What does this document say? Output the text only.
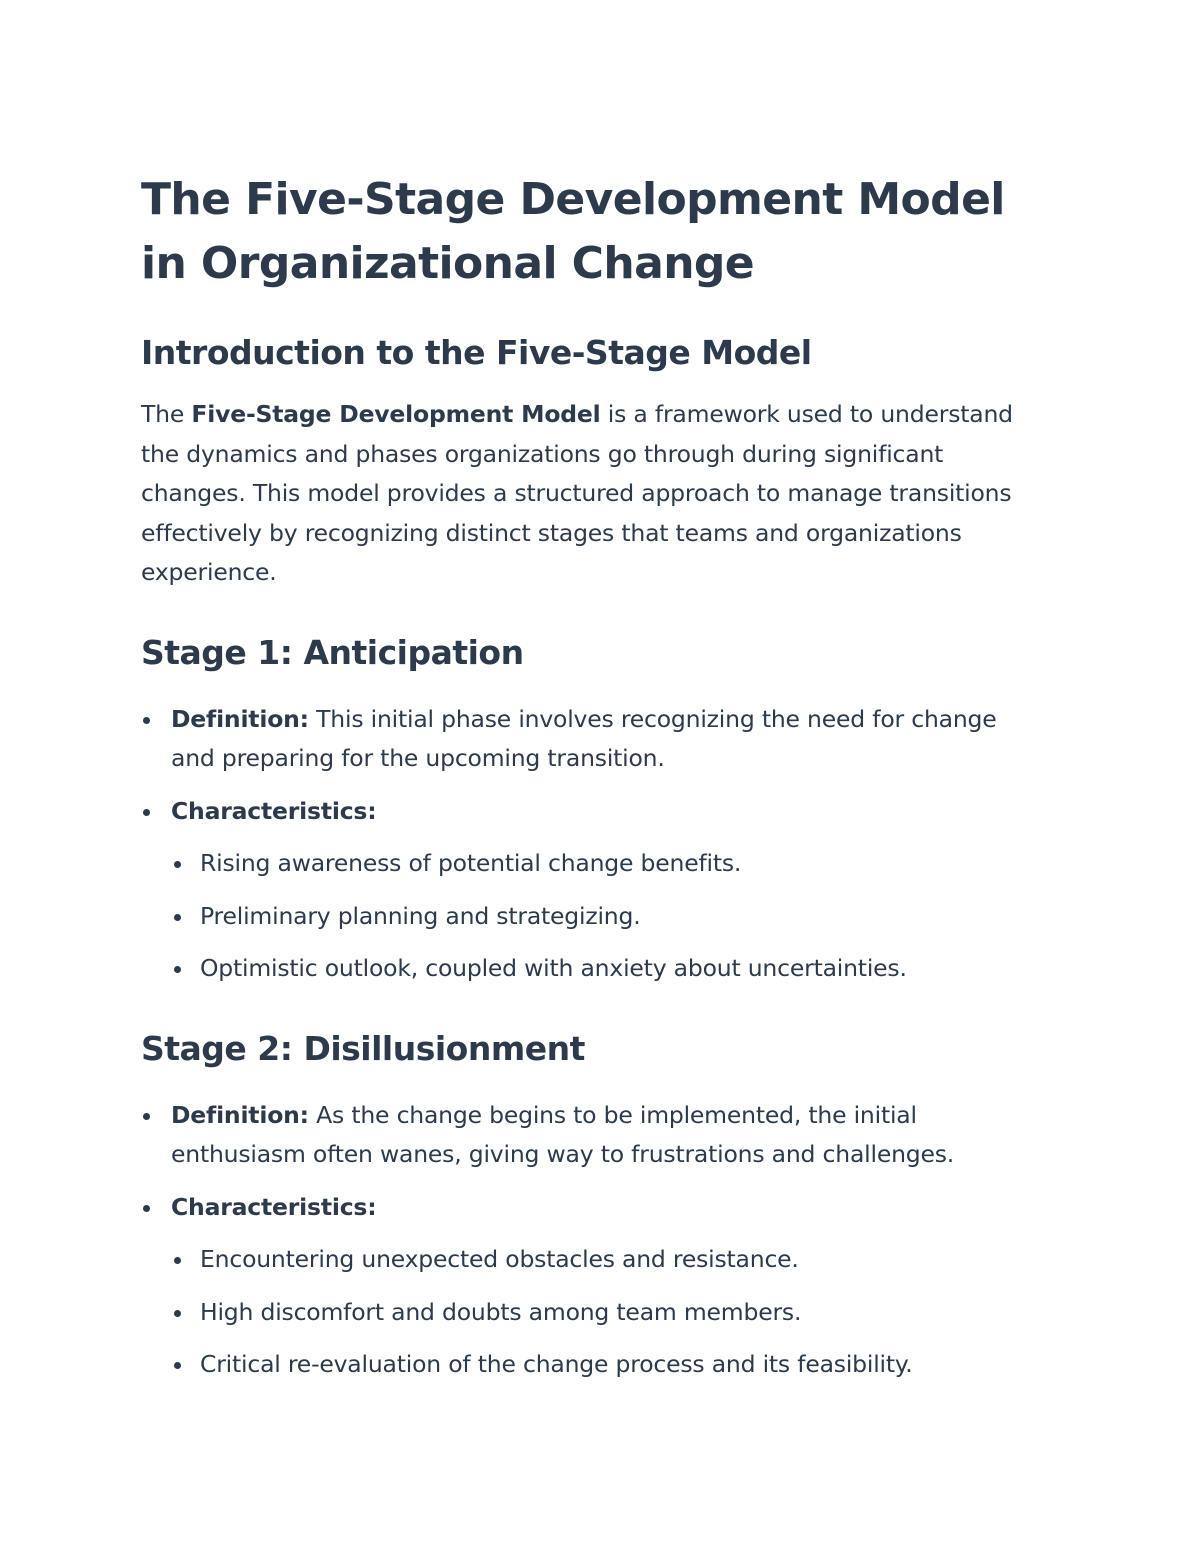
The Five-Stage Development Model in Organizational Change
Introduction to the Five-Stage Model

The Five-Stage Development Model is a framework used to understand the dynamics and phases organizations go through during significant changes. This model provides a structured approach to manage transitions effectively by recognizing distinct stages that teams and organizations experience.

Stage 1: Anticipation
Definition: This initial phase involves recognizing the need for change and preparing for the upcoming transition.
Characteristics:
Rising awareness of potential change benefits.
Preliminary planning and strategizing.
Optimistic outlook, coupled with anxiety about uncertainties.
Stage 2: Disillusionment
Definition: As the change begins to be implemented, the initial enthusiasm often wanes, giving way to frustrations and challenges.
Characteristics:
Encountering unexpected obstacles and resistance.
High discomfort and doubts among team members.
Critical re-evaluation of the change process and its feasibility.
